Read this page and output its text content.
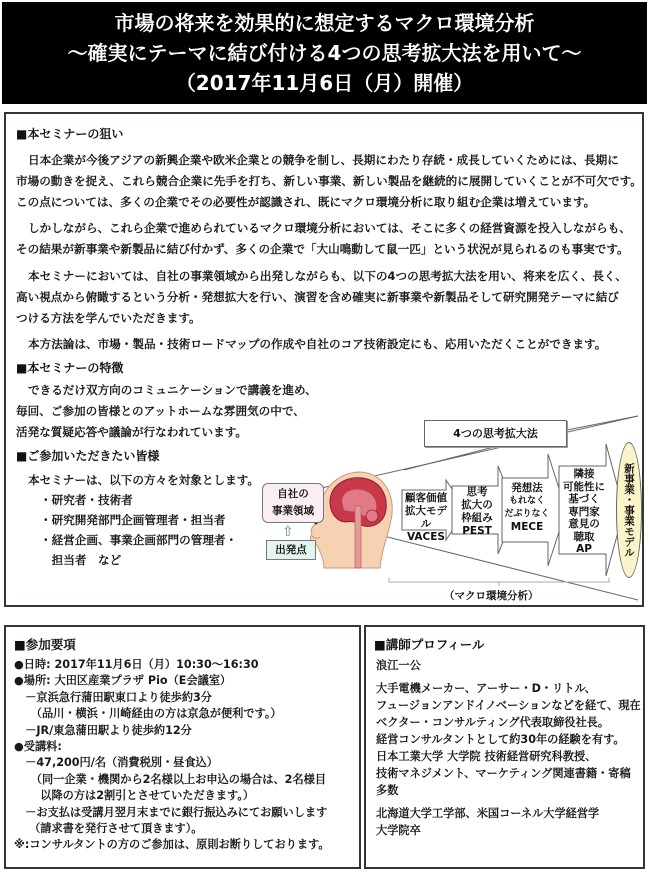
市場の将来を効果的に想定するマクロ環境分析
～確実にテーマに結び付ける4つの思考拡大法を用いて～
（2017年11月6日（月）開催）
■本セミナーの狙い
日本企業が今後アジアの新興企業や欧米企業との競争を制し、長期にわたり存続・成長していくためには、長期に
市場の動きを捉え、これら競合企業に先手を打ち、新しい事業、新しい製品を継続的に展開していくことが不可欠です。
この点については、多くの企業でその必要性が認識され、既にマクロ環境分析に取り組む企業は増えています。
しかしながら、これら企業で進められているマクロ環境分析においては、そこに多くの経営資源を投入しながらも、
その結果が新事業や新製品に結び付かず、多くの企業で「大山鳴動して鼠一匹」という状況が見られるのも事実です。
本セミナーにおいては、自社の事業領域から出発しながらも、以下の4つの思考拡大法を用い、将来を広く、長く、
高い視点から俯瞰するという分析・発想拡大を行い、演習を含め確実に新事業や新製品そして研究開発テーマに結び
つける方法を学んでいただきます。
本方法論は、市場・製品・技術ロードマップの作成や自社のコア技術設定にも、応用いただくことができます。
■本セミナーの特徴
できるだけ双方向のコミュニケーションで講義を進め、
毎回、ご参加の皆様とのアットホームな雰囲気の中で、
活発な質疑応答や議論が行なわれています。
■ご参加いただきたい皆様
本セミナーは、以下の方々を対象とします。
・研究者・技術者
・研究開発部門企画管理者・担当者
・経営企画、事業企画部門の管理者・
　担当者　など
4つの思考拡大法
自社の
事業領域
⇧
出発点
顧客価値
拡大モデル
VACES
思考
拡大の
枠組み
PEST
発想法
もれなく
だぶりなく
MECE
隣接
可能性に
基づく
専門家
意見の
聴取
AP	新事業・事業モデル
（マクロ環境分析）
■参加要項
●日時: 2017年11月6日（月）10:30～16:30
●場所: 大田区産業プラザ Pio（E会議室）
　－京浜急行蒲田駅東口より徒歩約3分
　　（品川・横浜・川崎経由の方は京急が便利です。）
　－JR/東急蒲田駅より徒歩約12分
●受講料:
　－47,200円/名（消費税別・昼食込）
　　（同一企業・機関から2名様以上お申込の場合は、2名様目
　　 以降の方は2割引とさせていただきます。）
　－お支払は受講月翌月末までに銀行振込みにてお願いします
　 （請求書を発行させて頂きます）。
※:コンサルタントの方のご参加は、原則お断りしております。
■講師プロフィール
浪江一公
大手電機メーカー、アーサー・D・リトル、
フュージョンアンドイノベーションなどを経て、現在
ベクター・コンサルティング代表取締役社長。
経営コンサルタントとして約30年の経験を有す。
日本工業大学 大学院 技術経営研究科教授、
技術マネジメント、マーケティング関連書籍・寄稿
多数
北海道大学工学部、米国コーネル大学経営学
大学院卒
